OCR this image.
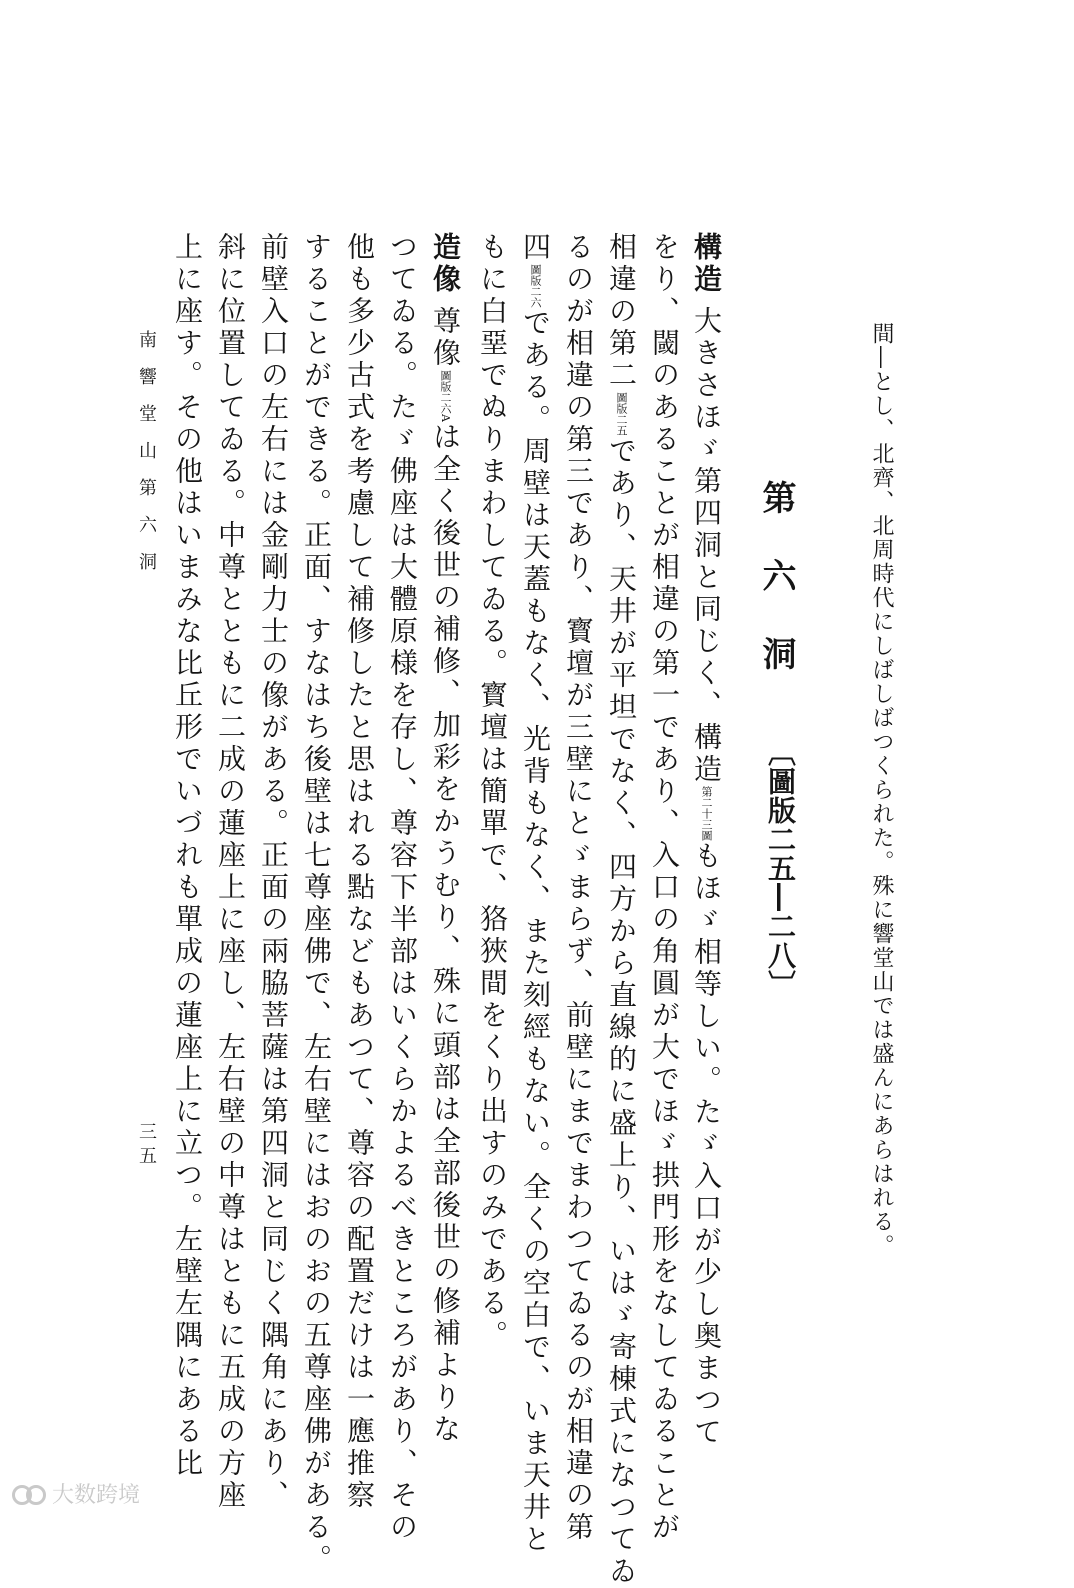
間―とし、北齊、北周時代にしばしばつくられた。殊に響堂山では盛んにあらはれる。
第六洞
〔圖版二五―二八〕
構造大きさほゞ第四洞と同じく、構造第二十三圖もほゞ相等しい。たゞ入口が少し奥まつて
をり、閾のあることが相違の第一であり、入口の角圓が大でほゞ拱門形をなしてゐることが
相違の第二圖版二五であり、天井が平坦でなく、四方から直線的に盛上り、いはゞ寄棟式になつてゐ
るのが相違の第三であり、寳壇が三壁にとゞまらず、前壁にまでまわつてゐるのが相違の第
四圖版二六である。周壁は天蓋もなく、光背もなく、また刻經もない。全くの空白で、いま天井と
もに白堊でぬりまわしてゐる。寳壇は簡單で、狢狹間をくり出すのみである。
造像尊像圖版二六Aは全く後世の補修、加彩をかうむり、殊に頭部は全部後世の修補よりな
つてゐる。たゞ佛座は大體原様を存し、尊容下半部はいくらかよるべきところがあり、その
他も多少古式を考慮して補修したと思はれる點などもあつて、尊容の配置だけは一應推察
することができる。正面、すなはち後壁は七尊座佛で、左右壁にはおのおの五尊座佛がある。
前壁入口の左右には金剛力士の像がある。正面の兩脇菩薩は第四洞と同じく隅角にあり、
斜に位置してゐる。中尊とともに二成の蓮座上に座し、左右壁の中尊はともに五成の方座
上に座す。その他はいまみな比丘形でいづれも單成の蓮座上に立つ。左壁左隅にある比
南響堂山第六洞
三五
大数跨境
